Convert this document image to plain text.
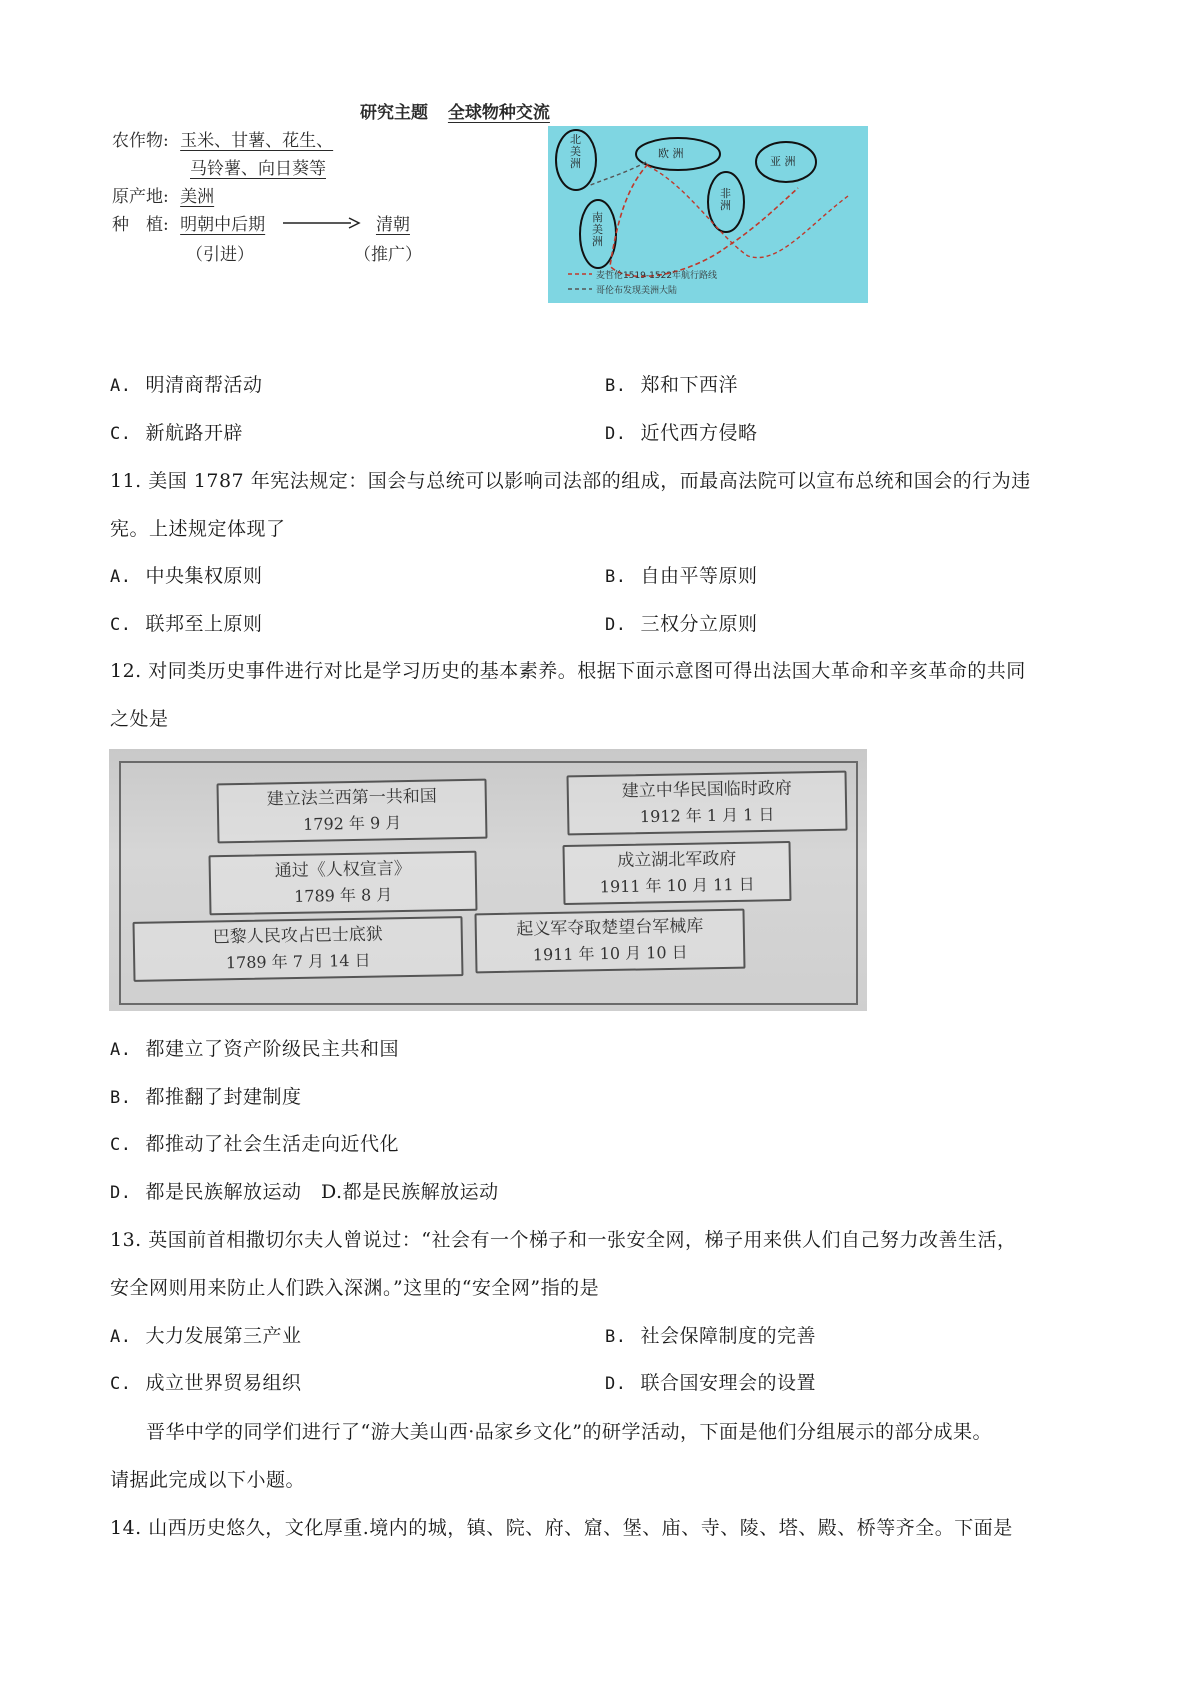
研究主题 全球物种交流
农作物: 玉米、甘薯、花生、
马铃薯、向日葵等
原产地: 美洲
种　植: 明朝中后期	清朝
（引进）	（推广）
北
美
洲
南
美
洲
欧 洲
亚 洲
非
洲
麦哲伦1519-1522年航行路线
哥伦布发现美洲大陆
A. 明清商帮活动	B. 郑和下西洋
C. 新航路开辟	D. 近代西方侵略
11. 美国 1787 年宪法规定：国会与总统可以影响司法部的组成，而最高法院可以宣布总统和国会的行为违
宪。上述规定体现了
A. 中央集权原则	B. 自由平等原则
C. 联邦至上原则	D. 三权分立原则
12. 对同类历史事件进行对比是学习历史的基本素养。根据下面示意图可得出法国大革命和辛亥革命的共同
之处是
巴黎人民攻占巴士底狱
1789 年 7 月 14 日
通过《人权宣言》
1789 年 8 月
建立法兰西第一共和国
1792 年 9 月
建立中华民国临时政府
1912 年 1 月 1 日
成立湖北军政府
1911 年 10 月 11 日
起义军夺取楚望台军械库
1911 年 10 月 10 日
A. 都建立了资产阶级民主共和国
B. 都推翻了封建制度
C. 都推动了社会生活走向近代化
D. 都是民族解放运动　D.都是民族解放运动
13. 英国前首相撒切尔夫人曾说过：“社会有一个梯子和一张安全网，梯子用来供人们自己努力改善生活，
安全网则用来防止人们跌入深渊。”这里的“安全网”指的是
A. 大力发展第三产业	B. 社会保障制度的完善
C. 成立世界贸易组织	D. 联合国安理会的设置
晋华中学的同学们进行了“游大美山西·品家乡文化”的研学活动，下面是他们分组展示的部分成果。
请据此完成以下小题。
14. 山西历史悠久，文化厚重.境内的城，镇、院、府、窟、堡、庙、寺、陵、塔、殿、桥等齐全。下面是
